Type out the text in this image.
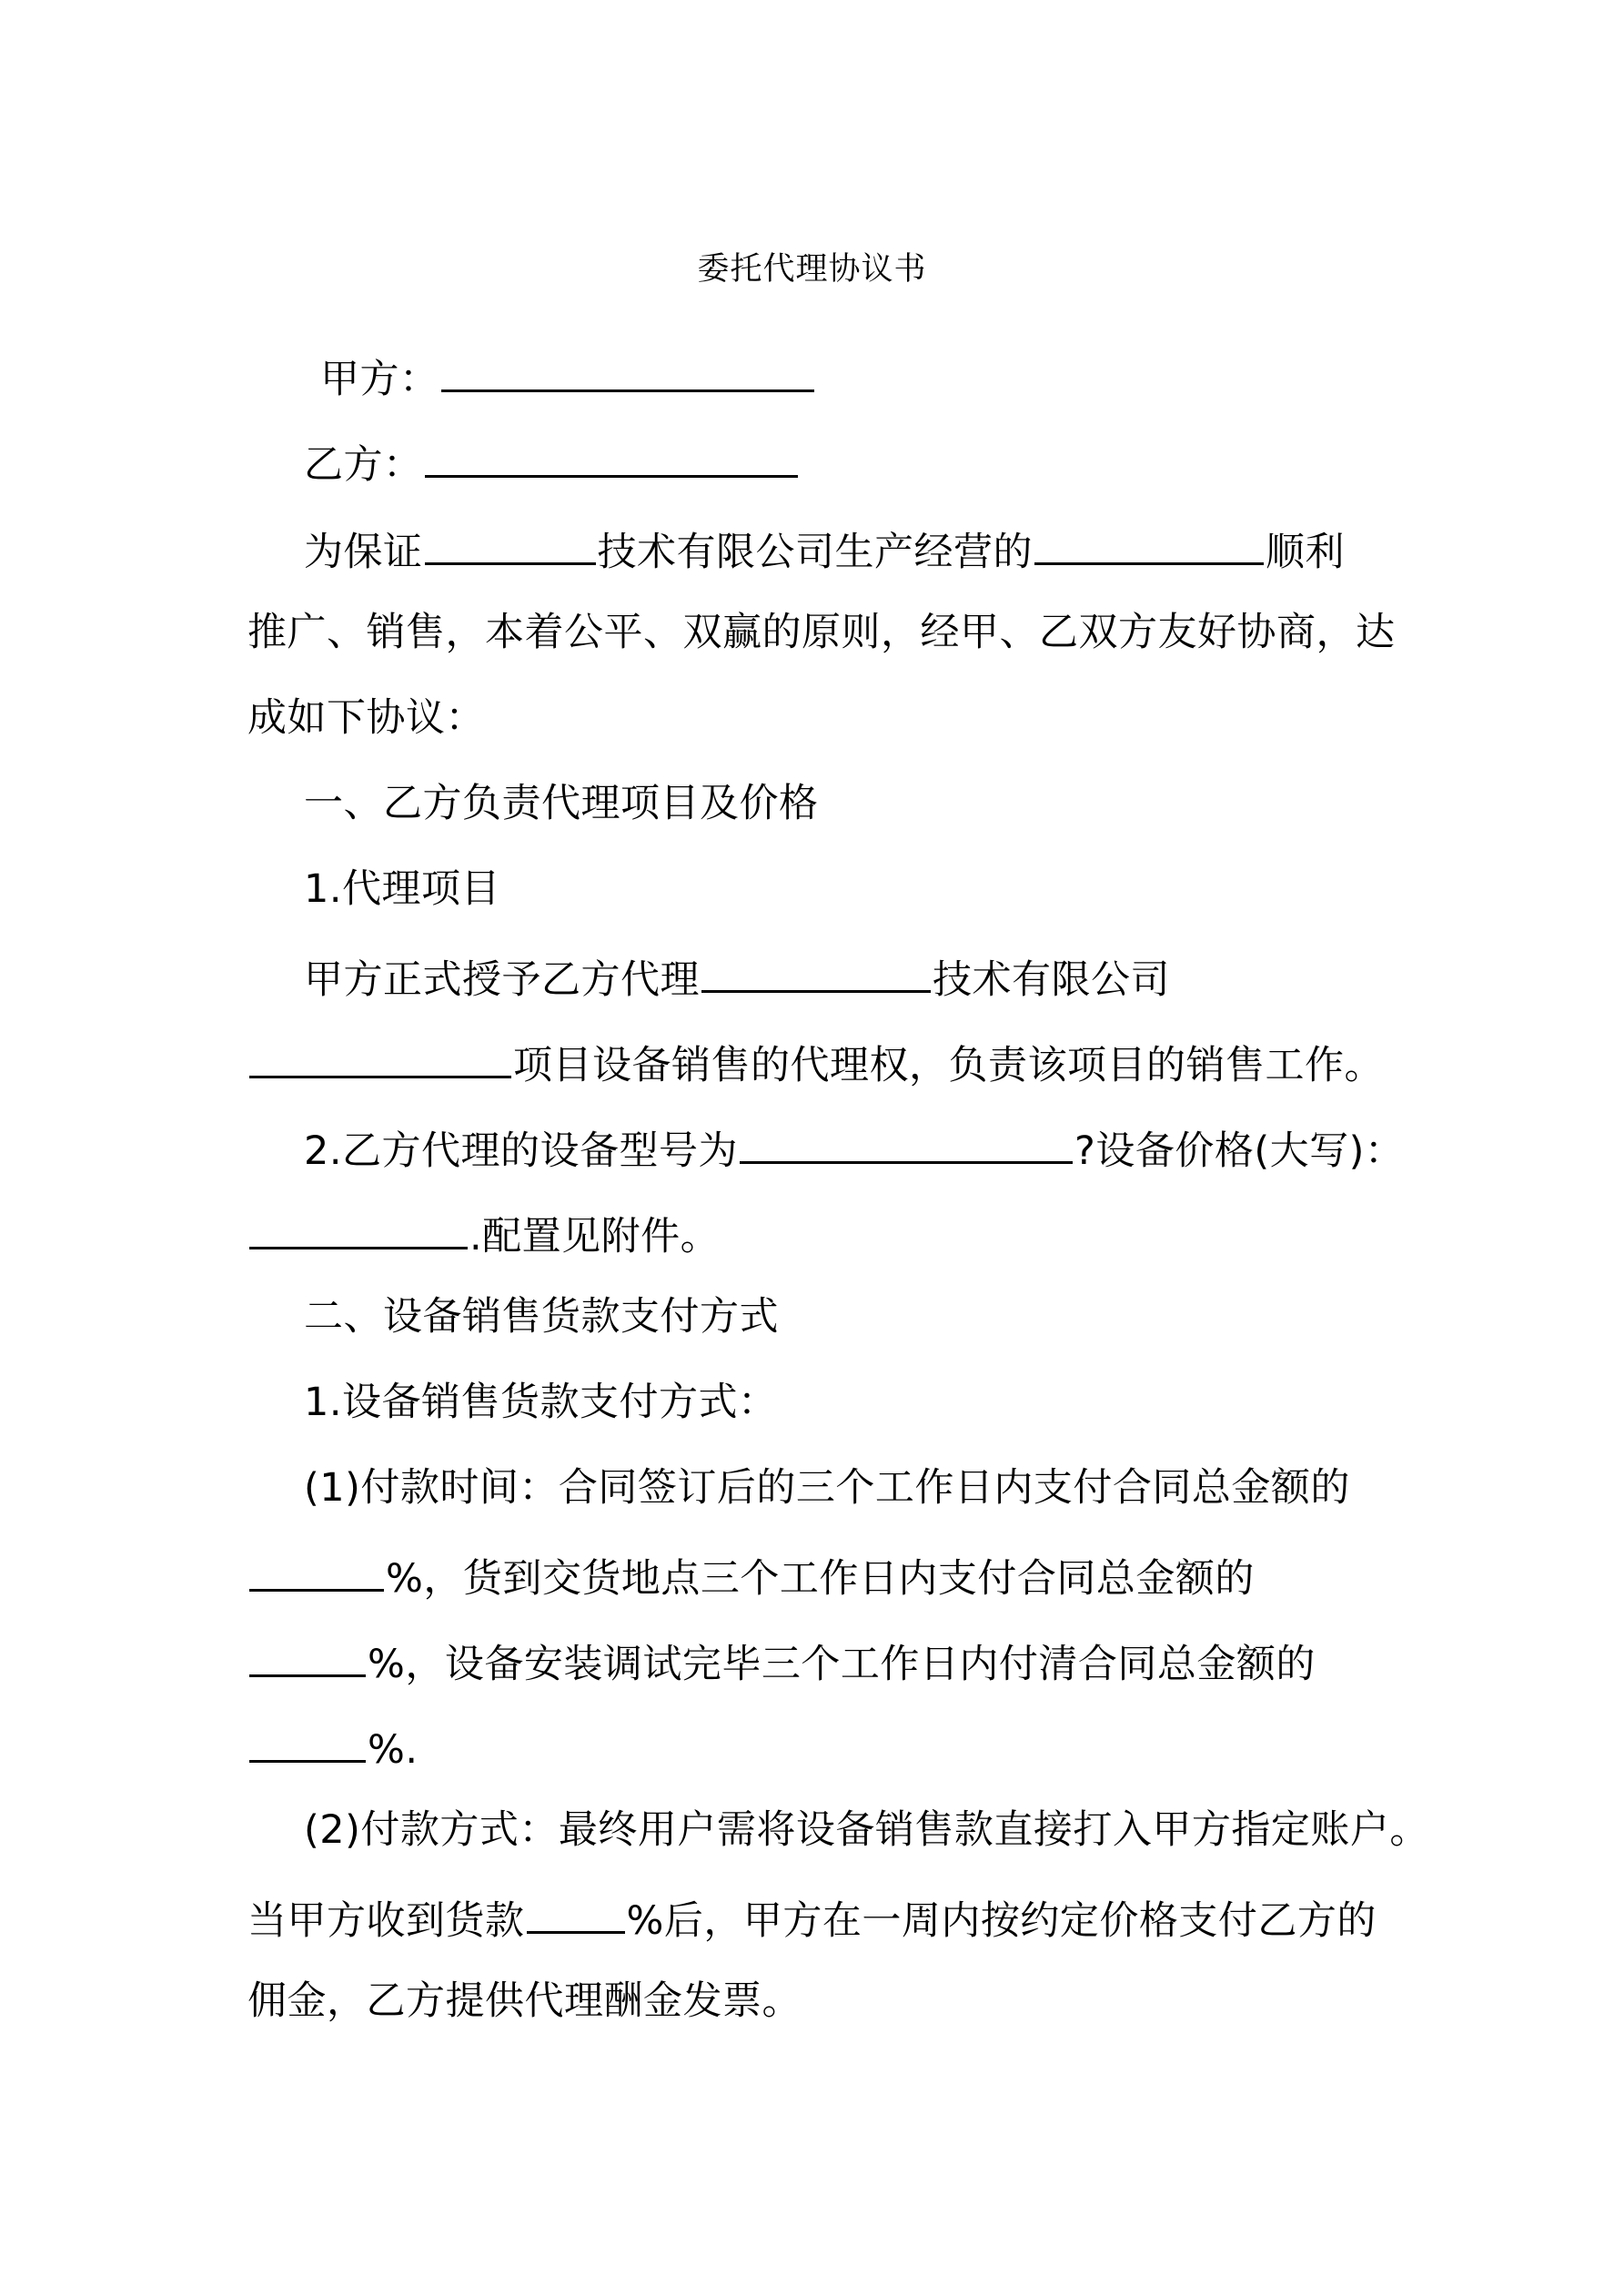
委托代理协议书
甲方：
乙方：
为保证	技术有限公司生产经营的	顺利
推广、销售，本着公平、双赢的原则，经甲、乙双方友好协商，达
成如下协议：
一、乙方负责代理项目及价格
1.代理项目
甲方正式授予乙方代理	技术有限公司
项目设备销售的代理权，负责该项目的销售工作。
2.乙方代理的设备型号为	?设备价格(大写)：
.配置见附件。
二、设备销售货款支付方式
1.设备销售货款支付方式：
(1)付款时间：合同签订后的三个工作日内支付合同总金额的
%，货到交货地点三个工作日内支付合同总金额的
%，设备安装调试完毕三个工作日内付清合同总金额的
%.
(2)付款方式：最终用户需将设备销售款直接打入甲方指定账户。
当甲方收到货款	%后，甲方在一周内按约定价格支付乙方的
佣金，乙方提供代理酬金发票。
